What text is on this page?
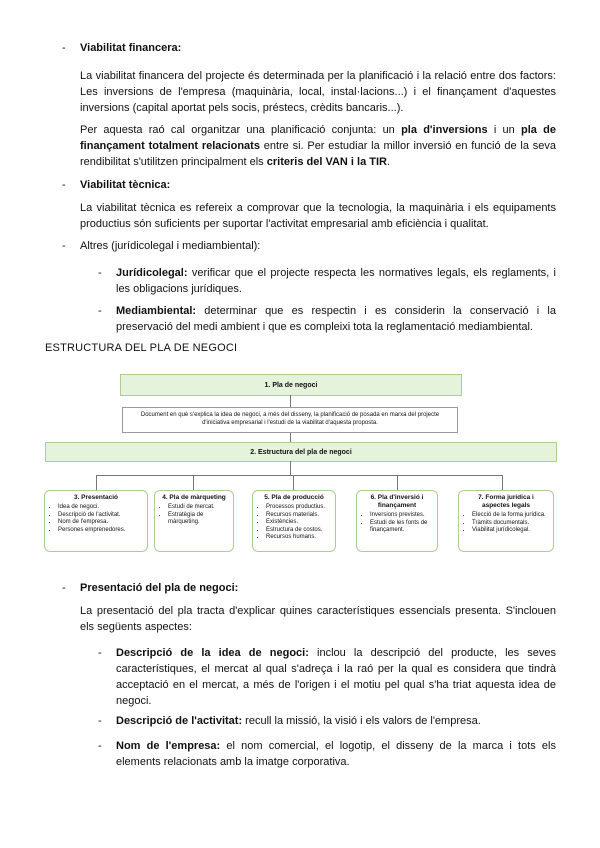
- Viabilitat financera:
La viabilitat financera del projecte és determinada per la planificació i la relació entre dos factors: Les inversions de l'empresa (maquinària, local, instal·lacions...) i el finançament d'aquestes inversions (capital aportat pels socis, préstecs, crèdits bancaris...).
Per aquesta raó cal organitzar una planificació conjunta: un pla d'inversions i un pla de finançament totalment relacionats entre si. Per estudiar la millor inversió en funció de la seva rendibilitat s'utilitzen principalment els criteris del VAN i la TIR.
- Viabilitat tècnica:
La viabilitat tècnica es refereix a comprovar que la tecnologia, la maquinària i els equipaments productius són suficients per suportar l'activitat empresarial amb eficiència i qualitat.
- Altres (jurídicolegal i mediambiental):
- Jurídicolegal: verificar que el projecte respecta les normatives legals, els reglaments, i les obligacions jurídiques.
- Mediambiental: determinar que es respectin i es considerin la conservació i la preservació del medi ambient i que es compleixi tota la reglamentació mediambiental.
ESTRUCTURA DEL PLA DE NEGOCI
1. Pla de negoci
Document en què s'explica la idea de negoci, a més del disseny, la planificació de posada en marxa del projecte d'iniciativa empresarial i l'estudi de la viabilitat d'aquesta proposta.
2. Estructura del pla de negoci
3. Presentació
• Idea de negoci.
• Descripció de l'activitat.
• Nom de l'empresa.
• Persones emprenedores.
4. Pla de màrqueting
• Estudi de mercat.
• Estratègia de màrqueting.
5. Pla de producció
• Processos productius.
• Recursos materials.
• Existències.
• Estructura de costos.
• Recursos humans.
6. Pla d'inversió i finançament
• Inversions previstes.
• Estudi de les fonts de finançament.
7. Forma jurídica i aspectes legals
• Elecció de la forma jurídica.
• Tràmits documentals.
• Viabilitat jurídicolegal.
- Presentació del pla de negoci:
La presentació del pla tracta d'explicar quines característiques essencials presenta. S'inclouen els següents aspectes:
- Descripció de la idea de negoci: inclou la descripció del producte, les seves característiques, el mercat al qual s'adreça i la raó per la qual es considera que tindrà acceptació en el mercat, a més de l'origen i el motiu pel qual s'ha triat aquesta idea de negoci.
- Descripció de l'activitat: recull la missió, la visió i els valors de l'empresa.
- Nom de l'empresa: el nom comercial, el logotip, el disseny de la marca i tots els elements relacionats amb la imatge corporativa.
